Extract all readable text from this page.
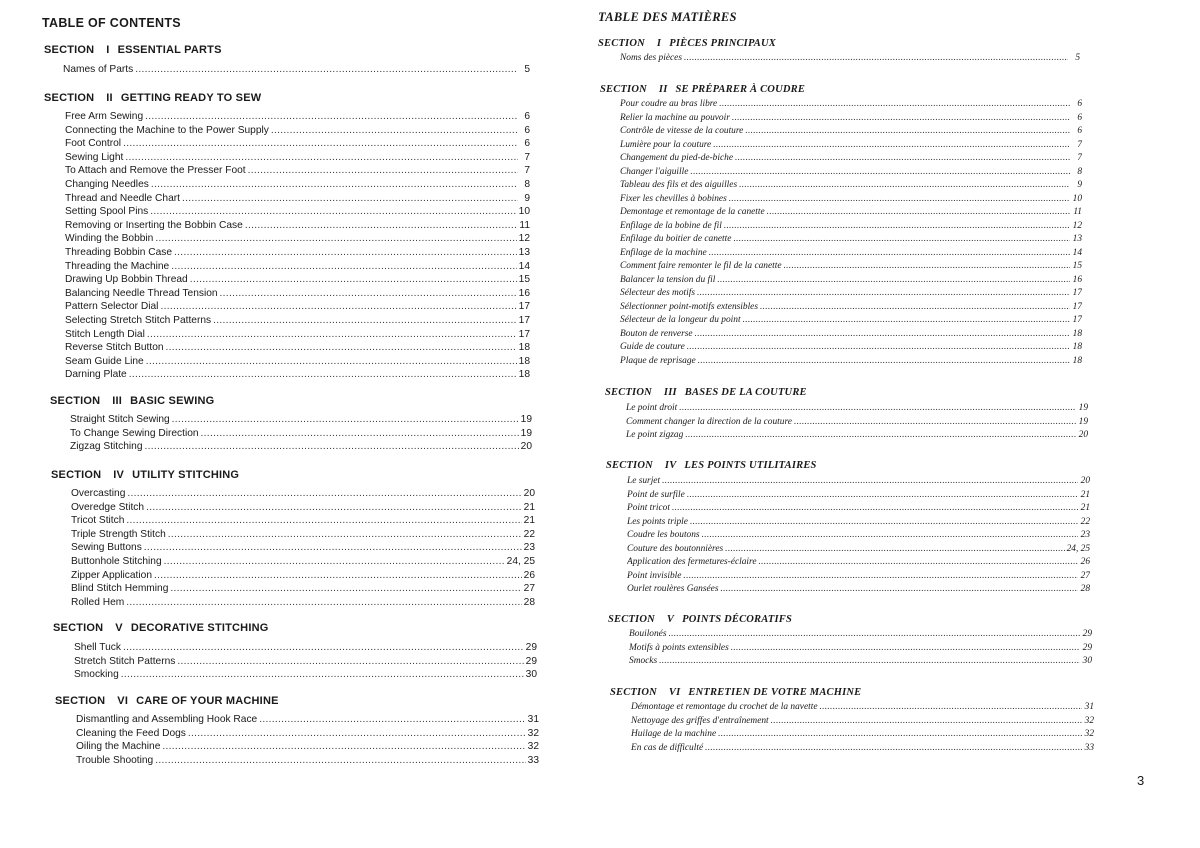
TABLE OF CONTENTS
SECTION I ESSENTIAL PARTS
Names of Parts .....	5
SECTION II GETTING READY TO SEW
Free Arm Sewing .....	6
Connecting the Machine to the Power Supply .....	6
Foot Control .....	6
Sewing Light .....	7
To Attach and Remove the Presser Foot .....	7
Changing Needles .....	8
Thread and Needle Chart .....	9
Setting Spool Pins .....	10
Removing or Inserting the Bobbin Case .....	11
Winding the Bobbin .....	12
Threading Bobbin Case .....	13
Threading the Machine .....	14
Drawing Up Bobbin Thread .....	15
Balancing Needle Thread Tension .....	16
Pattern Selector Dial .....	17
Selecting Stretch Stitch Patterns .....	17
Stitch Length Dial .....	17
Reverse Stitch Button .....	18
Seam Guide Line .....	18
Darning Plate .....	18
SECTION III BASIC SEWING
Straight Stitch Sewing .....	19
To Change Sewing Direction .....	19
Zigzag Stitching .....	20
SECTION IV UTILITY STITCHING
Overcasting .....	20
Overedge Stitch .....	21
Tricot Stitch .....	21
Triple Strength Stitch .....	22
Sewing Buttons .....	23
Buttonhole Stitching .....	24, 25
Zipper Application .....	26
Blind Stitch Hemming .....	27
Rolled Hem .....	28
SECTION V DECORATIVE STITCHING
Shell Tuck .....	29
Stretch Stitch Patterns .....	29
Smocking .....	30
SECTION VI CARE OF YOUR MACHINE
Dismantling and Assembling Hook Race .....	31
Cleaning the Feed Dogs .....	32
Oiling the Machine .....	32
Trouble Shooting .....	33
TABLE DES MATIÈRES
SECTION I PIÈCES PRINCIPAUX
Noms des pièces .....	5
SECTION II SE PRÉPARER À COUDRE
Pour coudre au bras libre .....	6
Relier la machine au pouvoir .....	6
Contrôle de vitesse de la couture .....	6
Lumière pour la couture .....	7
Changement du pied-de-biche .....	7
Changer l'aiguille .....	8
Tableau des fils et des aiguilles .....	9
Fixer les chevilles à bobines .....	10
Demontage et remontage de la canette .....	11
Enfilage de la bobine de fil .....	12
Enfilage du boitier de canette .....	13
Enfilage de la machine .....	14
Comment faire remonter le fil de la canette .....	15
Balancer la tension du fil .....	16
Sélecteur des motifs .....	17
Sélectionner point-motifs extensibles .....	17
Sélecteur de la longeur du point .....	17
Bouton de renverse .....	18
Guide de couture .....	18
Plaque de reprisage .....	18
SECTION III BASES DE LA COUTURE
Le point droit .....	19
Comment changer la direction de la couture .....	19
Le point zigzag .....	20
SECTION IV LES POINTS UTILITAIRES
Le surjet .....	20
Point de surfile .....	21
Point tricot .....	21
Les points triple .....	22
Coudre les boutons .....	23
Couture des boutonnières .....	24, 25
Application des fermetures-éclaire .....	26
Point invisible .....	27
Ourlet roulères Gansées .....	28
SECTION V POINTS DÉCORATIFS
Bouilonés .....	29
Motifs à points extensibles .....	29
Smocks .....	30
SECTION VI ENTRETIEN DE VOTRE MACHINE
Démontage et remontage du crochet de la navette .....	31
Nettoyage des griffes d'entraînement .....	32
Huilage de la machine .....	32
En cas de difficulté .....	33
3
